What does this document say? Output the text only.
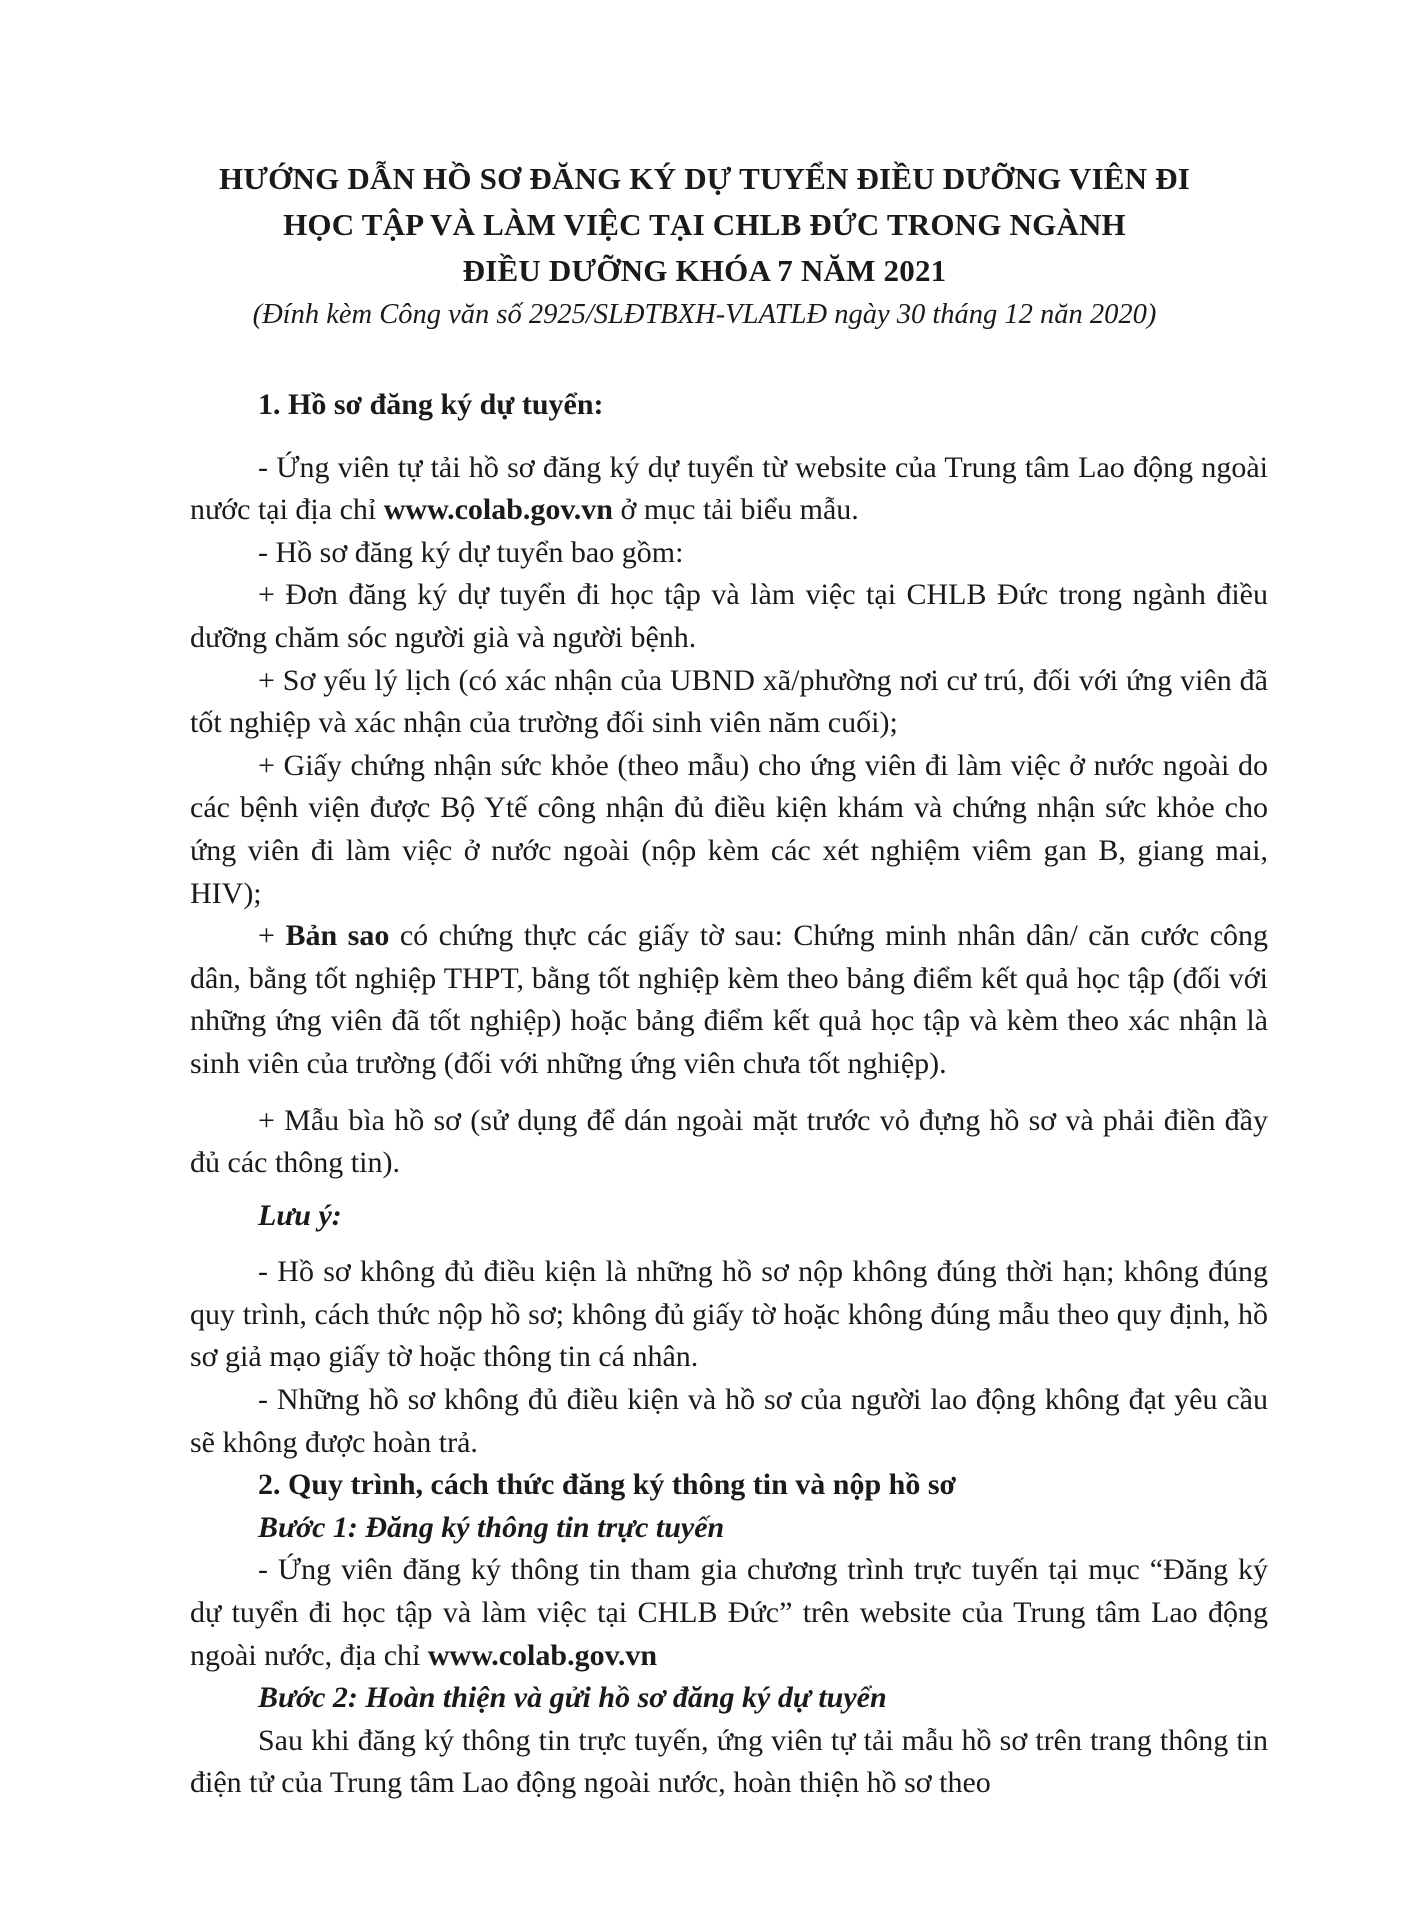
HƯỚNG DẪN HỒ SƠ ĐĂNG KÝ DỰ TUYỂN ĐIỀU DƯỠNG VIÊN ĐI
HỌC TẬP VÀ LÀM VIỆC TẠI CHLB ĐỨC TRONG NGÀNH
ĐIỀU DƯỠNG KHÓA 7 NĂM 2021
(Đính kèm Công văn số 2925/SLĐTBXH-VLATLĐ ngày 30 tháng 12 năn 2020)

1. Hồ sơ đăng ký dự tuyển:

- Ứng viên tự tải hồ sơ đăng ký dự tuyển từ website của Trung tâm Lao động ngoài nước tại địa chỉ www.colab.gov.vn ở mục tải biểu mẫu.

- Hồ sơ đăng ký dự tuyển bao gồm:

+ Đơn đăng ký dự tuyển đi học tập và làm việc tại CHLB Đức trong ngành điều dưỡng chăm sóc người già và người bệnh.

+ Sơ yếu lý lịch (có xác nhận của UBND xã/phường nơi cư trú, đối với ứng viên đã tốt nghiệp và xác nhận của trường đối sinh viên năm cuối);

+ Giấy chứng nhận sức khỏe (theo mẫu) cho ứng viên đi làm việc ở nước ngoài do các bệnh viện được Bộ Ytế công nhận đủ điều kiện khám và chứng nhận sức khỏe cho ứng viên đi làm việc ở nước ngoài (nộp kèm các xét nghiệm viêm gan B, giang mai, HIV);

+ Bản sao có chứng thực các giấy tờ sau: Chứng minh nhân dân/ căn cước công dân, bằng tốt nghiệp THPT, bằng tốt nghiệp kèm theo bảng điểm kết quả học tập (đối với những ứng viên đã tốt nghiệp) hoặc bảng điểm kết quả học tập và kèm theo xác nhận là sinh viên của trường (đối với những ứng viên chưa tốt nghiệp).

+ Mẫu bìa hồ sơ (sử dụng để dán ngoài mặt trước vỏ đựng hồ sơ và phải điền đầy đủ các thông tin).

Lưu ý:

- Hồ sơ không đủ điều kiện là những hồ sơ nộp không đúng thời hạn; không đúng quy trình, cách thức nộp hồ sơ; không đủ giấy tờ hoặc không đúng mẫu theo quy định, hồ sơ giả mạo giấy tờ hoặc thông tin cá nhân.

- Những hồ sơ không đủ điều kiện và hồ sơ của người lao động không đạt yêu cầu sẽ không được hoàn trả.

2. Quy trình, cách thức đăng ký thông tin và nộp hồ sơ

Bước 1: Đăng ký thông tin trực tuyến

- Ứng viên đăng ký thông tin tham gia chương trình trực tuyến tại mục “Đăng ký dự tuyển đi học tập và làm việc tại CHLB Đức” trên website của Trung tâm Lao động ngoài nước, địa chỉ www.colab.gov.vn

Bước 2: Hoàn thiện và gửi hồ sơ đăng ký dự tuyển

Sau khi đăng ký thông tin trực tuyến, ứng viên tự tải mẫu hồ sơ trên trang thông tin điện tử của Trung tâm Lao động ngoài nước, hoàn thiện hồ sơ theo
